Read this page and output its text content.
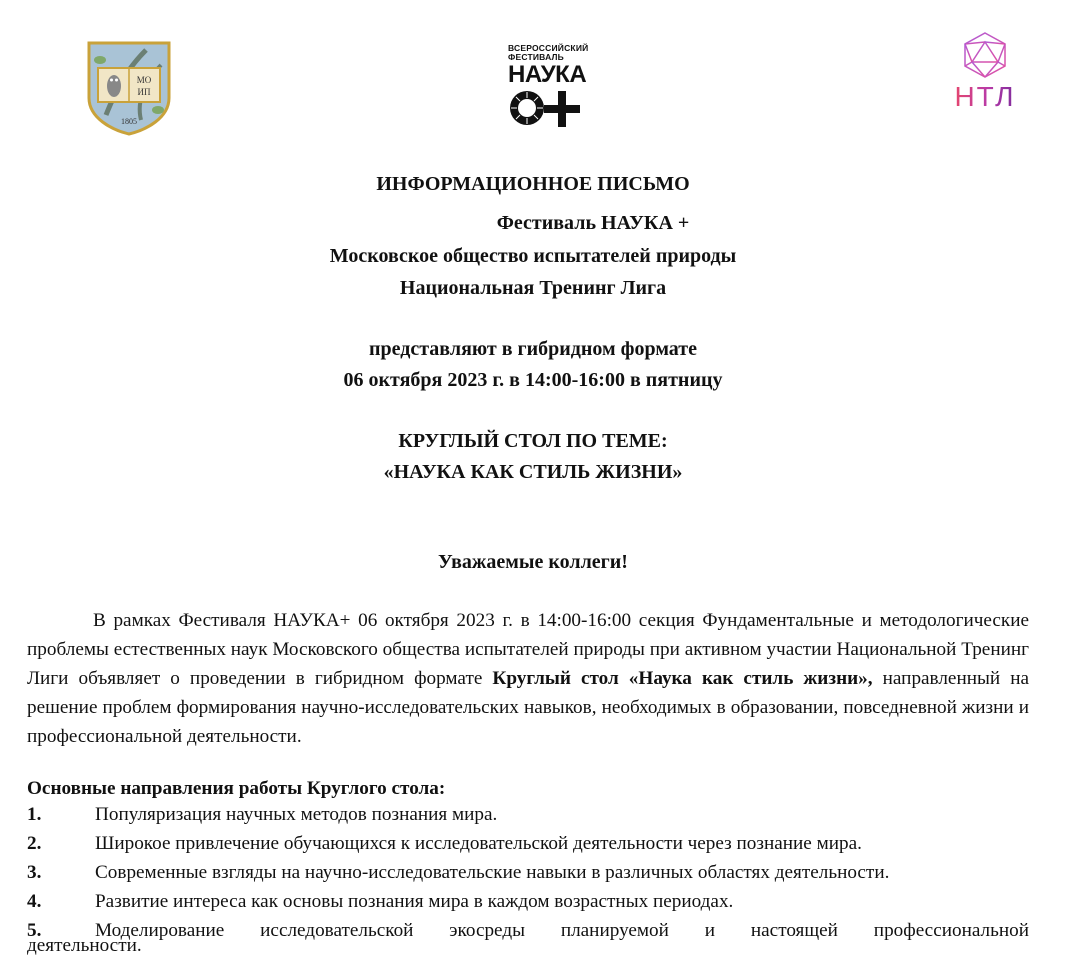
МО
ИП
1805
ВСЕРОССИЙСКИЙ
ФЕСТИВАЛЬ
НАУКА
НТЛ
ИНФОРМАЦИОННОЕ ПИСЬМО
Фестиваль НАУКА +
Московское общество испытателей природы
Национальная Тренинг Лига
представляют в гибридном формате
06 октября 2023 г. в 14:00-16:00 в пятницу
КРУГЛЫЙ СТОЛ ПО ТЕМЕ:
«НАУКА КАК СТИЛЬ ЖИЗНИ»
Уважаемые коллеги!
В рамках Фестиваля НАУКА+ 06 октября 2023 г. в 14:00-16:00 секция Фундаментальные и методологические проблемы естественных наук Московского общества испытателей природы при активном участии Национальной Тренинг Лиги объявляет о проведении в гибридном формате Круглый стол «Наука как стиль жизни», направленный на решение проблем формирования научно-исследовательских навыков, необходимых в образовании, повседневной жизни и профессиональной деятельности.
Основные направления работы Круглого стола:
1.	Популяризация научных методов познания мира.
2.	Широкое привлечение обучающихся к исследовательской деятельности через познание мира.
3.	Современные взгляды на научно-исследовательские навыки в различных областях деятельности.
4.	Развитие интереса как основы познания мира в каждом возрастных периодах.
5.	Моделирование исследовательской экосреды планируемой и настоящей профессиональной
деятельности.
